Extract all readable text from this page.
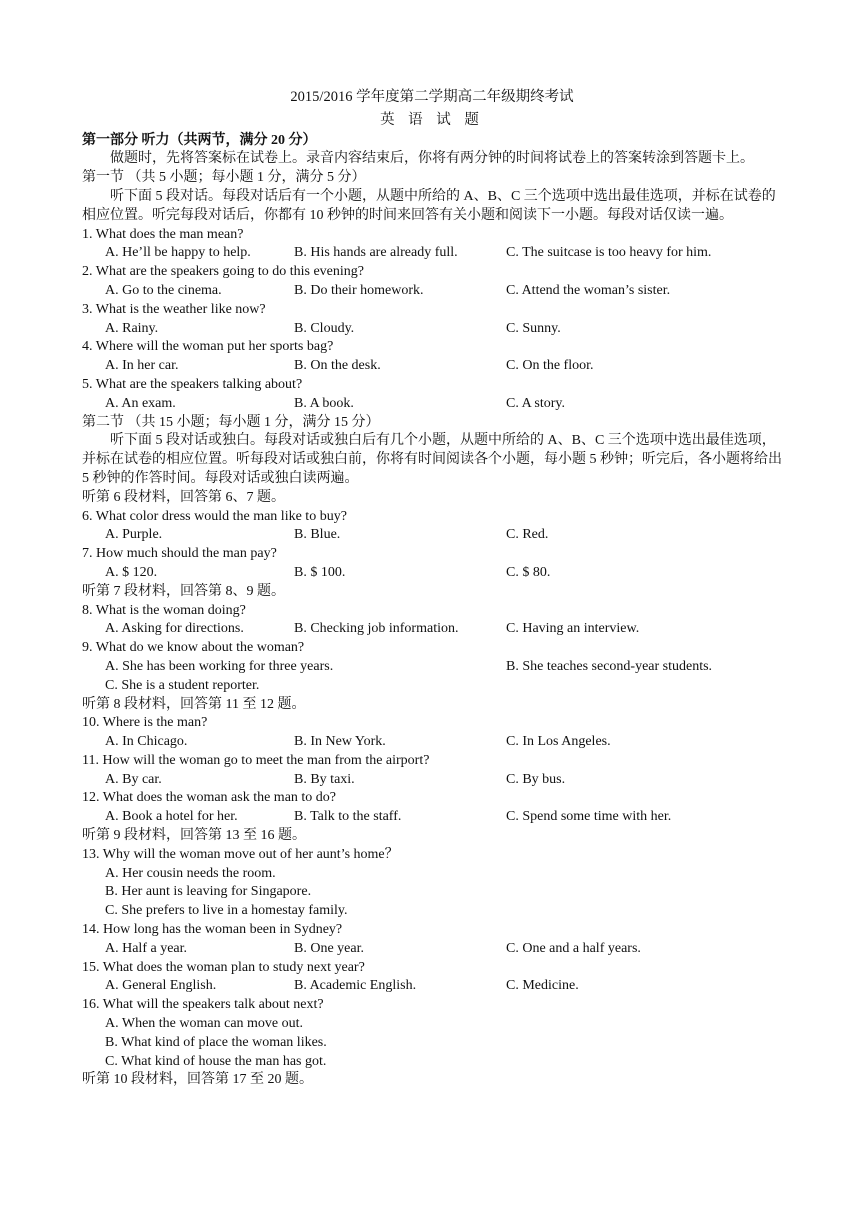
2015/2016 学年度第二学期高二年级期终考试
英 语 试 题
第一部分 听力（共两节，满分 20 分）
做题时，先将答案标在试卷上。录音内容结束后，你将有两分钟的时间将试卷上的答案转涂到答题卡上。
第一节 （共 5 小题；每小题 1 分，满分 5 分）
听下面 5 段对话。每段对话后有一个小题，从题中所给的 A、B、C 三个选项中选出最佳选项，并标在试卷的相应位置。听完每段对话后，你都有 10 秒钟的时间来回答有关小题和阅读下一小题。每段对话仅读一遍。
1. What does the man mean?
A. He’ll be happy to help.	B. His hands are already full.	C. The suitcase is too heavy for him.
2. What are the speakers going to do this evening?
A. Go to the cinema.	B. Do their homework.	C. Attend the woman’s sister.
3. What is the weather like now?
A. Rainy.	B. Cloudy.	C. Sunny.
4. Where will the woman put her sports bag?
A. In her car.	B. On the desk.	C. On the floor.
5. What are the speakers talking about?
A. An exam.	B. A book.	C. A story.
第二节 （共 15 小题；每小题 1 分，满分 15 分）
听下面 5 段对话或独白。每段对话或独白后有几个小题，从题中所给的 A、B、C 三个选项中选出最佳选项，并标在试卷的相应位置。听每段对话或独白前，你将有时间阅读各个小题，每小题 5 秒钟；听完后，各小题将给出 5 秒钟的作答时间。每段对话或独白读两遍。
听第 6 段材料，回答第 6、7 题。
6. What color dress would the man like to buy?
A. Purple.	B. Blue.	C. Red.
7. How much should the man pay?
A. $ 120.	B. $ 100.	C. $ 80.
听第 7 段材料，回答第 8、9 题。
8. What is the woman doing?
A. Asking for directions.	B. Checking job information.	C. Having an interview.
9. What do we know about the woman?
A. She has been working for three years.	B. She teaches second-year students.
C. She is a student reporter.
听第 8 段材料，回答第 11 至 12 题。
10. Where is the man?
A. In Chicago.	B. In New York.	C. In Los Angeles.
11. How will the woman go to meet the man from the airport?
A. By car.	B. By taxi.	C. By bus.
12. What does the woman ask the man to do?
A. Book a hotel for her.	B. Talk to the staff.	C. Spend some time with her.
听第 9 段材料，回答第 13 至 16 题。
13. Why will the woman move out of her aunt’s home？
A. Her cousin needs the room.
B. Her aunt is leaving for Singapore.
C. She prefers to live in a homestay family.
14. How long has the woman been in Sydney?
A. Half a year.	B. One year.	C. One and a half years.
15. What does the woman plan to study next year?
A. General English.	B. Academic English.	C. Medicine.
16. What will the speakers talk about next?
A. When the woman can move out.
B. What kind of place the woman likes.
C. What kind of house the man has got.
听第 10 段材料，回答第 17 至 20 题。
